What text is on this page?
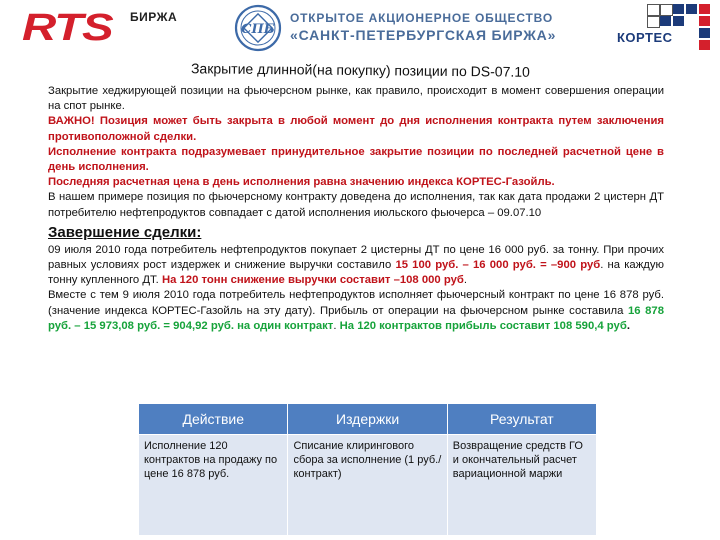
RTS БИРЖА
СПБ
ОТКРЫТОЕ АКЦИОНЕРНОЕ ОБЩЕСТВО
«САНКТ-ПЕТЕРБУРГСКАЯ БИРЖА»	КОРТЕС
Закрытие длинной(на покупку) позиции по DS-07.10

Закрытие хеджирующей позиции на фьючерсном рынке, как правило, происходит в момент совершения операции на спот рынке.

ВАЖНО! Позиция может быть закрыта в любой момент до дня исполнения контракта путем заключения противоположной сделки.

Исполнение контракта подразумевает принудительное закрытие позиции по последней расчетной цене в день исполнения.

Последняя расчетная цена в день исполнения равна значению индекса КОРТЕС-Газойль.

В нашем примере позиция по фьючерсному контракту доведена до исполнения, так как дата продажи 2 цистерн ДТ потребителю нефтепродуктов совпадает с датой исполнения июльского фьючерса – 09.07.10

Завершение сделки:

09 июля 2010 года потребитель нефтепродуктов покупает 2 цистерны ДТ по цене 16 000 руб. за тонну. При прочих равных условиях рост издержек и снижение выручки составило 15 100 руб. – 16 000 руб. = –900 руб. на каждую тонну купленного ДТ. На 120 тонн снижение выручки составит –108 000 руб.

Вместе с тем 9 июля 2010 года потребитель нефтепродуктов исполняет фьючерсный контракт по цене 16 878 руб. (значение индекса КОРТЕС-Газойль на эту дату). Прибыль от операции на фьючерсном рынке составила 16 878 руб. – 15 973,08 руб. = 904,92 руб. на один контракт. На 120 контрактов прибыль составит 108 590,4 руб.

Действие	Издержки	Результат
Исполнение 120 контрактов на продажу по цене 16 878 руб.	Списание клирингового сбора за исполнение (1 руб./контракт)	Возвращение средств ГО и окончательный расчет вариационной маржи
